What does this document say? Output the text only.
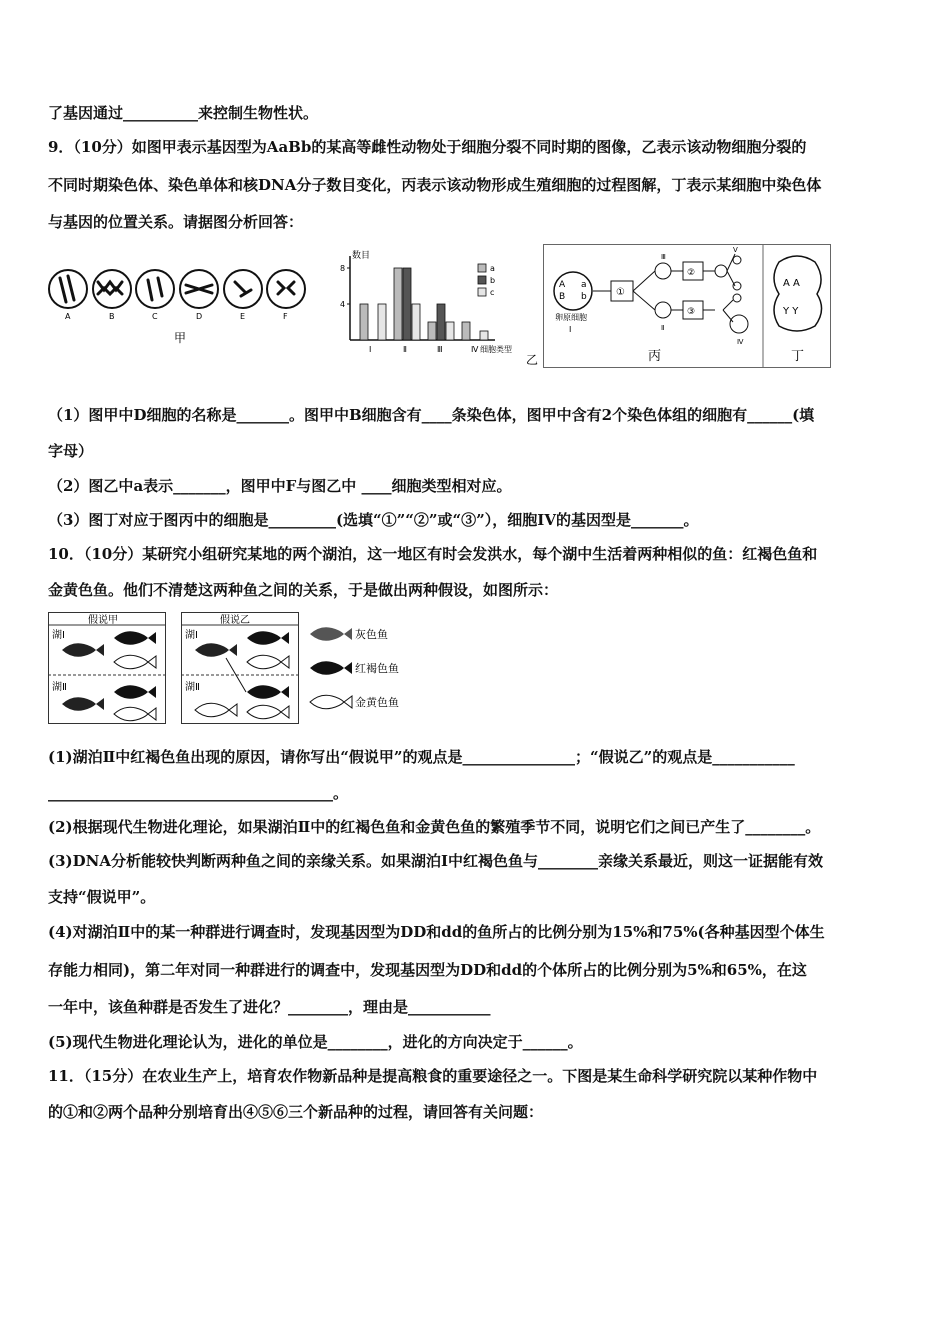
了基因通过__________来控制生物性状。
9．（10分）如图甲表示基因型为AaBb的某高等雌性动物处于细胞分裂不同时期的图像，乙表示该动物细胞分裂的
不同时期染色体、染色单体和核DNA分子数目变化，丙表示该动物形成生殖细胞的过程图解，丁表示某细胞中染色体
与基因的位置关系。请据图分析回答：
A	B	C	D	E	F
甲
数目
8
4
Ⅰ	Ⅱ	Ⅲ	Ⅳ
a
b
c
细胞类型
乙
A
B
a
b
卵原细胞
Ⅰ
①
Ⅲ
Ⅱ
②
③
Ⅴ
Ⅳ
丙
A A
Y Y
丁
（1）图甲中D细胞的名称是_______。图甲中B细胞含有____条染色体，图甲中含有2个染色体组的细胞有______(填
字母）
（2）图乙中a表示_______，图甲中F与图乙中 ____细胞类型相对应。
（3）图丁对应于图丙中的细胞是_________(选填“①”“②”或“③”），细胞IV的基因型是_______。
10．（10分）某研究小组研究某地的两个湖泊，这一地区有时会发洪水，每个湖中生活着两种相似的鱼：红褐色鱼和
金黄色鱼。他们不清楚这两种鱼之间的关系，于是做出两种假设，如图所示：
假说甲	假说乙
湖Ⅰ
湖Ⅱ
湖Ⅰ
湖Ⅱ
灰色鱼
红褐色鱼
金黄色鱼
(1)湖泊Ⅱ中红褐色鱼出现的原因，请你写出“假说甲”的观点是_______________；“假说乙”的观点是___________
______________________________________。
(2)根据现代生物进化理论，如果湖泊Ⅱ中的红褐色鱼和金黄色鱼的繁殖季节不同，说明它们之间已产生了________。
(3)DNA分析能较快判断两种鱼之间的亲缘关系。如果湖泊Ⅰ中红褐色鱼与________亲缘关系最近，则这一证据能有效
支持“假说甲”。
(4)对湖泊Ⅱ中的某一种群进行调查时，发现基因型为DD和dd的鱼所占的比例分别为15%和75%(各种基因型个体生
存能力相同)，第二年对同一种群进行的调查中，发现基因型为DD和dd的个体所占的比例分别为5%和65%，在这
一年中，该鱼种群是否发生了进化？________，理由是___________
(5)现代生物进化理论认为，进化的单位是________，进化的方向决定于______。
11．（15分）在农业生产上，培育农作物新品种是提高粮食的重要途径之一。下图是某生命科学研究院以某种作物中
的①和②两个品种分别培育出④⑤⑥三个新品种的过程，请回答有关问题：
